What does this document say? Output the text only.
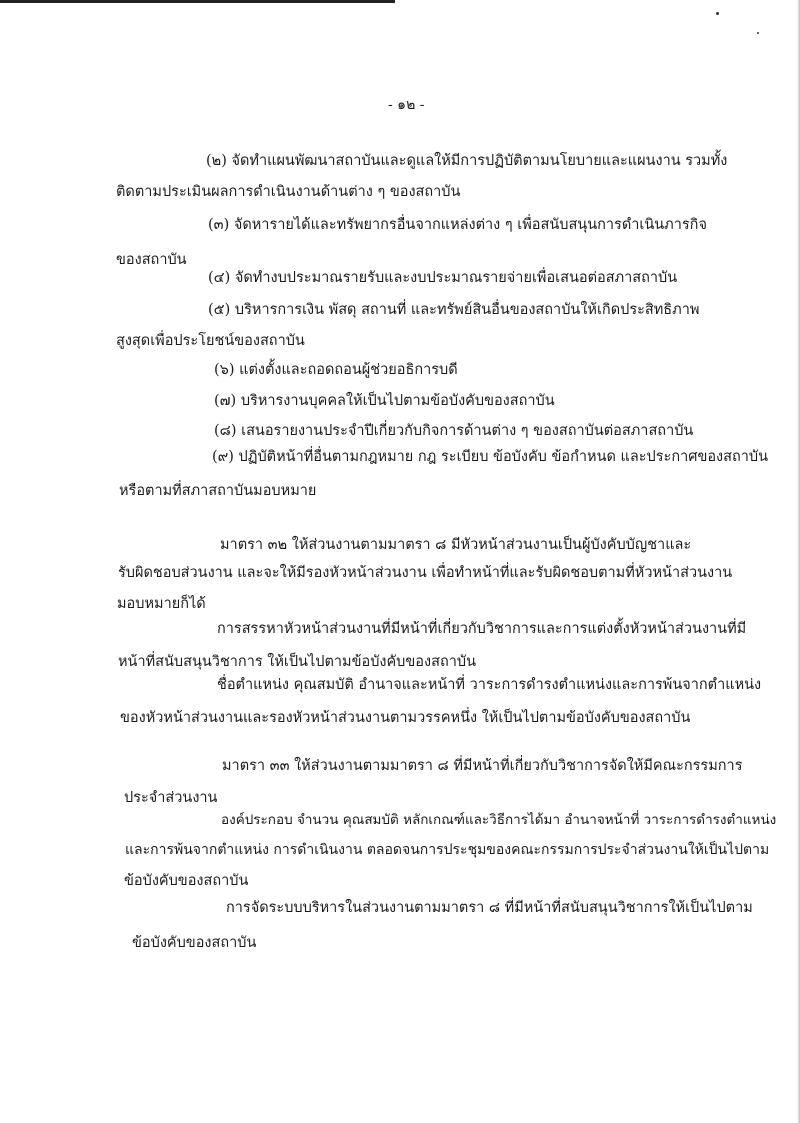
- ๑๒ -
(๒) จัดทำแผนพัฒนาสถาบันและดูแลให้มีการปฏิบัติตามนโยบายและแผนงาน รวมทั้ง
ติดตามประเมินผลการดำเนินงานด้านต่าง ๆ ของสถาบัน
(๓) จัดหารายได้และทรัพยากรอื่นจากแหล่งต่าง ๆ เพื่อสนับสนุนการดำเนินภารกิจ
ของสถาบัน
(๔) จัดทำงบประมาณรายรับและงบประมาณรายจ่ายเพื่อเสนอต่อสภาสถาบัน
(๕) บริหารการเงิน พัสดุ สถานที่ และทรัพย์สินอื่นของสถาบันให้เกิดประสิทธิภาพ
สูงสุดเพื่อประโยชน์ของสถาบัน
(๖) แต่งตั้งและถอดถอนผู้ช่วยอธิการบดี
(๗) บริหารงานบุคคลให้เป็นไปตามข้อบังคับของสถาบัน
(๘) เสนอรายงานประจำปีเกี่ยวกับกิจการด้านต่าง ๆ ของสถาบันต่อสภาสถาบัน
(๙) ปฏิบัติหน้าที่อื่นตามกฎหมาย กฎ ระเบียบ ข้อบังคับ ข้อกำหนด และประกาศของสถาบัน
หรือตามที่สภาสถาบันมอบหมาย
มาตรา ๓๒ ให้ส่วนงานตามมาตรา ๘ มีหัวหน้าส่วนงานเป็นผู้บังคับบัญชาและ
รับผิดชอบส่วนงาน และจะให้มีรองหัวหน้าส่วนงาน เพื่อทำหน้าที่และรับผิดชอบตามที่หัวหน้าส่วนงาน
มอบหมายก็ได้
การสรรหาหัวหน้าส่วนงานที่มีหน้าที่เกี่ยวกับวิชาการและการแต่งตั้งหัวหน้าส่วนงานที่มี
หน้าที่สนับสนุนวิชาการ ให้เป็นไปตามข้อบังคับของสถาบัน
ชื่อตำแหน่ง คุณสมบัติ อำนาจและหน้าที่ วาระการดำรงตำแหน่งและการพ้นจากตำแหน่ง
ของหัวหน้าส่วนงานและรองหัวหน้าส่วนงานตามวรรคหนึ่ง ให้เป็นไปตามข้อบังคับของสถาบัน
มาตรา ๓๓ ให้ส่วนงานตามมาตรา ๘ ที่มีหน้าที่เกี่ยวกับวิชาการจัดให้มีคณะกรรมการ
ประจำส่วนงาน
องค์ประกอบ จำนวน คุณสมบัติ หลักเกณฑ์และวิธีการได้มา อำนาจหน้าที่ วาระการดำรงตำแหน่ง
และการพ้นจากตำแหน่ง การดำเนินงาน ตลอดจนการประชุมของคณะกรรมการประจำส่วนงานให้เป็นไปตาม
ข้อบังคับของสถาบัน
การจัดระบบบริหารในส่วนงานตามมาตรา ๘ ที่มีหน้าที่สนับสนุนวิชาการให้เป็นไปตาม
ข้อบังคับของสถาบัน
